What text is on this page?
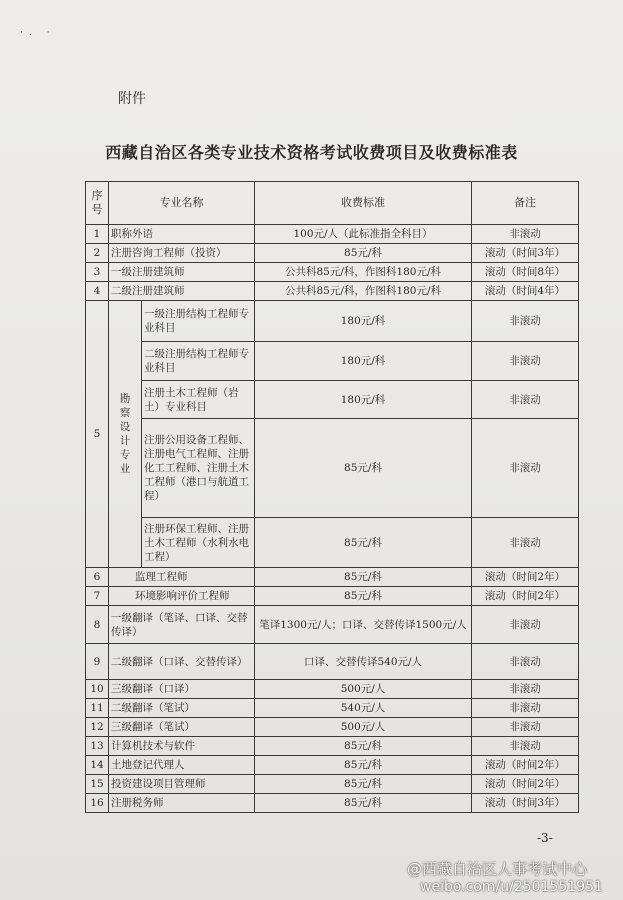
·. ·
附件
西藏自治区各类专业技术资格考试收费项目及收费标准表
序号	专业名称		收费标准	备注
1	职称外语		100元/人（此标准指全科目）	非滚动
2	注册咨询工程师（投资）		85元/科	滚动（时间3年）
3	一级注册建筑师		公共科85元/科，作图科180元/科	滚动（时间8年）
4	二级注册建筑师		公共科85元/科，作图科180元/科	滚动（时间4年）
5	勘察设计专业	一级注册结构工程师专业科目	180元/科	非滚动
		二级注册结构工程师专业科目	180元/科	非滚动
		注册土木工程师（岩土）专业科目	180元/科	非滚动
		注册公用设备工程师、注册电气工程师、注册化工工程师、注册土木工程师（港口与航道工程）	85元/科	非滚动
		注册环保工程师、注册土木工程师（水利水电工程）	85元/科	非滚动
6	监理工程师		85元/科	滚动（时间2年）
7	环境影响评价工程师		85元/科	滚动（时间2年）
8	一级翻译（笔译、口译、交替传译）		笔译1300元/人；口译、交替传译1500元/人	非滚动
9	二级翻译（口译、交替传译）		口译、交替传译540元/人	非滚动
10	三级翻译（口译）		500元/人	非滚动
11	二级翻译（笔试）		540元/人	非滚动
12	三级翻译（笔试）		500元/人	非滚动
13	计算机技术与软件		85元/科	非滚动
14	土地登记代理人		85元/科	滚动（时间2年）
15	投资建设项目管理师		85元/科	滚动（时间2年）
16	注册税务师		85元/科	滚动（时间3年）
-3-
@西藏自治区人事考试中心
weibo.com/u/2501551951
